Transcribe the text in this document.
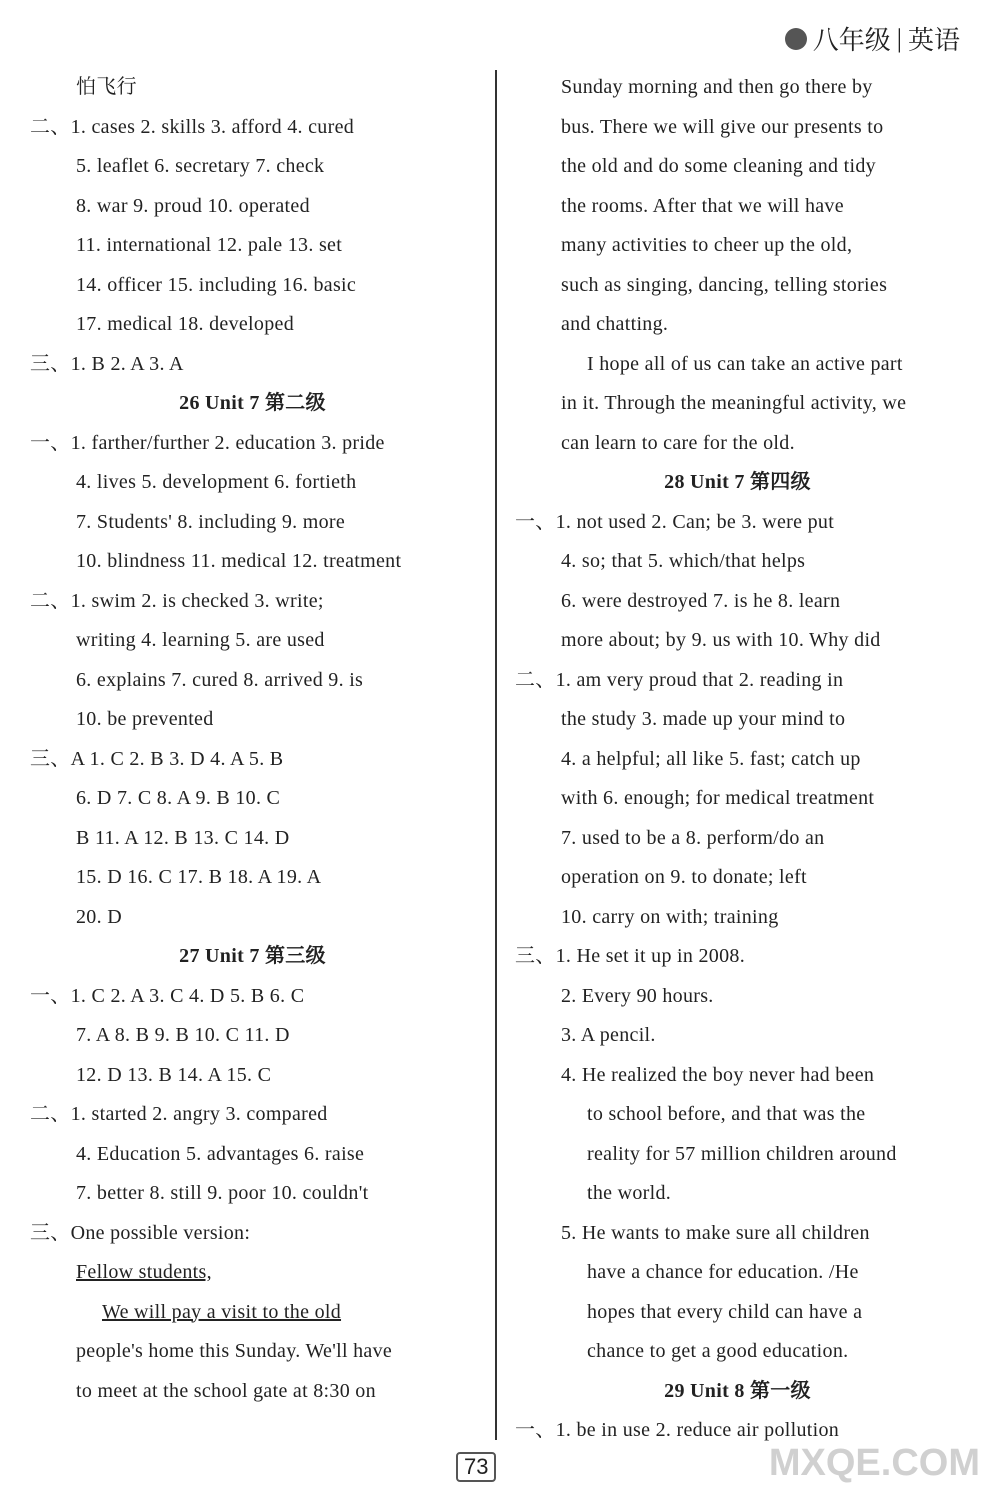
八年级 | 英语
怕飞行
二、1. cases 2. skills 3. afford 4. cured
5. leaflet 6. secretary 7. check
8. war 9. proud 10. operated
11. international 12. pale 13. set
14. officer 15. including 16. basic
17. medical 18. developed
三、1. B 2. A 3. A
26 Unit 7 第二级
一、1. farther/further 2. education 3. pride
4. lives 5. development 6. fortieth
7. Students' 8. including 9. more
10. blindness 11. medical 12. treatment
二、1. swim 2. is checked 3. write;
writing 4. learning 5. are used
6. explains 7. cured 8. arrived 9. is
10. be prevented
三、A 1. C 2. B 3. D 4. A 5. B
6. D 7. C 8. A 9. B 10. C
B 11. A 12. B 13. C 14. D
15. D 16. C 17. B 18. A 19. A
20. D
27 Unit 7 第三级
一、1. C 2. A 3. C 4. D 5. B 6. C
7. A 8. B 9. B 10. C 11. D
12. D 13. B 14. A 15. C
二、1. started 2. angry 3. compared
4. Education 5. advantages 6. raise
7. better 8. still 9. poor 10. couldn't
三、One possible version:
Fellow students,
We will pay a visit to the old
people's home this Sunday. We'll have
to meet at the school gate at 8:30 on
Sunday morning and then go there by
bus. There we will give our presents to
the old and do some cleaning and tidy
the rooms. After that we will have
many activities to cheer up the old,
such as singing, dancing, telling stories
and chatting.
I hope all of us can take an active part
in it. Through the meaningful activity, we
can learn to care for the old.
28 Unit 7 第四级
一、1. not used 2. Can; be 3. were put
4. so; that 5. which/that helps
6. were destroyed 7. is he 8. learn
more about; by 9. us with 10. Why did
二、1. am very proud that 2. reading in
the study 3. made up your mind to
4. a helpful; all like 5. fast; catch up
with 6. enough; for medical treatment
7. used to be a 8. perform/do an
operation on 9. to donate; left
10. carry on with; training
三、1. He set it up in 2008.
2. Every 90 hours.
3. A pencil.
4. He realized the boy never had been
to school before, and that was the
reality for 57 million children around
the world.
5. He wants to make sure all children
have a chance for education. /He
hopes that every child can have a
chance to get a good education.
29 Unit 8 第一级
一、1. be in use 2. reduce air pollution
73	MXQE.COM
